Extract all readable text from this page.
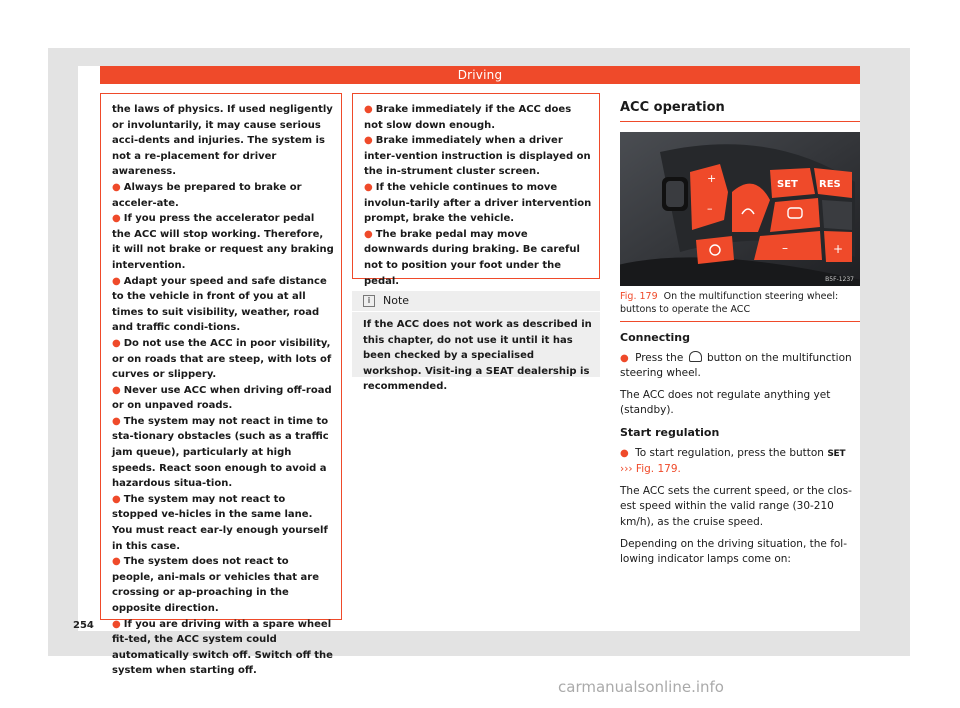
Driving

the laws of physics. If used negligently or involuntarily, it may cause serious acci-dents and injuries. The system is not a re-placement for driver awareness.

● Always be prepared to brake or acceler-ate.
● If you press the accelerator pedal the ACC will stop working. Therefore, it will not brake or request any braking intervention.
● Adapt your speed and safe distance to the vehicle in front of you at all times to suit visibility, weather, road and traffic condi-tions.
● Do not use the ACC in poor visibility, or on roads that are steep, with lots of curves or slippery.
● Never use ACC when driving off-road or on unpaved roads.
● The system may not react in time to sta-tionary obstacles (such as a traffic jam queue), particularly at high speeds. React soon enough to avoid a hazardous situa-tion.
● The system may not react to stopped ve-hicles in the same lane. You must react ear-ly enough yourself in this case.
● The system does not react to people, ani-mals or vehicles that are crossing or ap-proaching in the opposite direction.
● If you are driving with a spare wheel fit-ted, the ACC system could automatically switch off. Switch off the system when starting off.
● Brake immediately if the ACC does not slow down enough.
● Brake immediately when a driver inter-vention instruction is displayed on the in-strument cluster screen.
● If the vehicle continues to move involun-tarily after a driver intervention prompt, brake the vehicle.
● The brake pedal may move downwards during braking. Be careful not to position your foot under the pedal.
i Note
If the ACC does not work as described in this chapter, do not use it until it has been checked by a specialised workshop. Visit-ing a SEAT dealership is recommended.
ACC operation
+
–
SET RES
–	+
B5F-1237
Fig. 179 On the multifunction steering wheel: buttons to operate the ACC

Connecting

● Press the button on the multifunction steering wheel.

The ACC does not regulate anything yet (standby).

Start regulation

● To start regulation, press the button SET
››› Fig. 179.

The ACC sets the current speed, or the clos-est speed within the valid range (30-210 km/h), as the cruise speed.

Depending on the driving situation, the fol-lowing indicator lamps come on:

254
carmanualsonline.info
